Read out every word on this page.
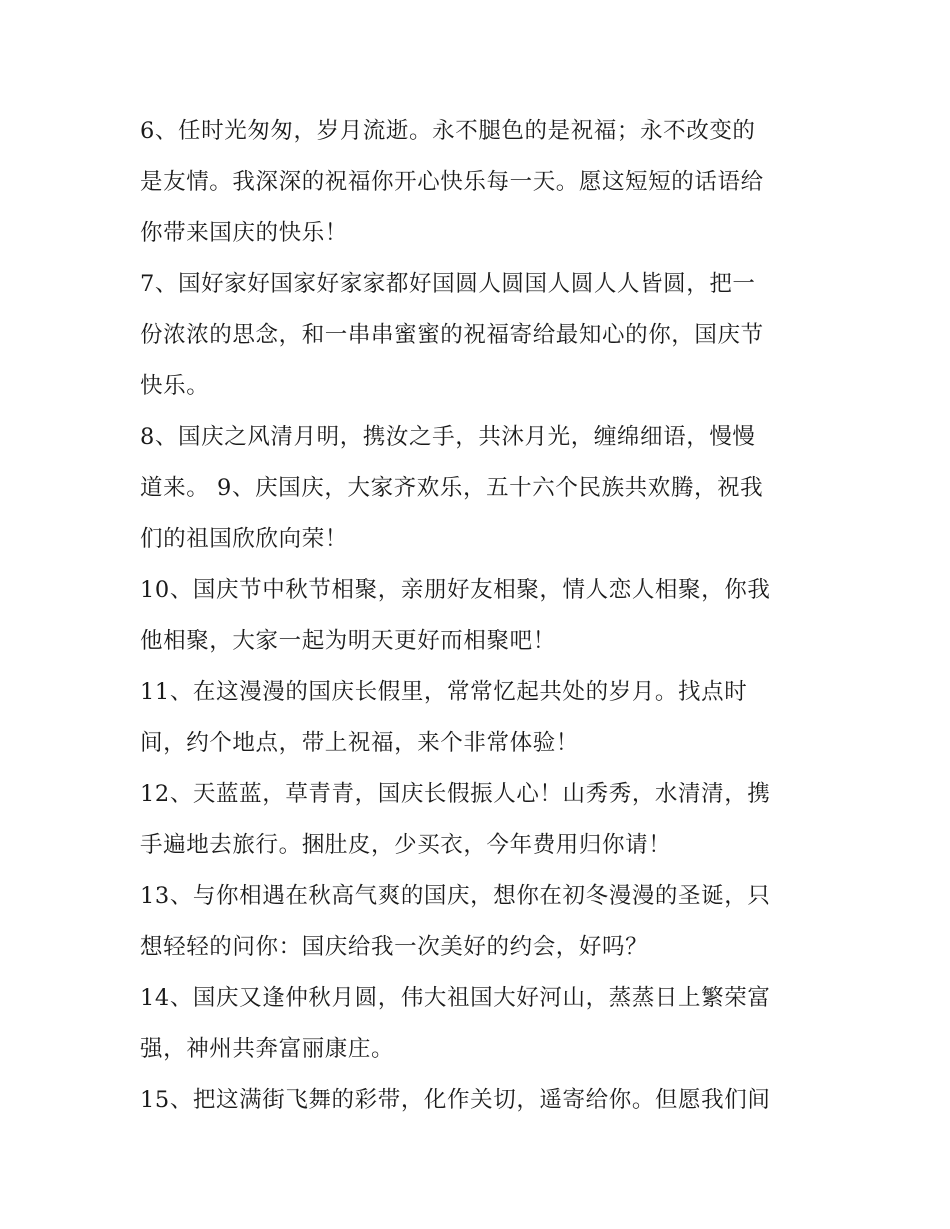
6、任时光匆匆，岁月流逝。永不腿色的是祝福；永不改变的
是友情。我深深的祝福你开心快乐每一天。愿这短短的话语给
你带来国庆的快乐！
7、国好家好国家好家家都好国圆人圆国人圆人人皆圆，把一
份浓浓的思念，和一串串蜜蜜的祝福寄给最知心的你，国庆节
快乐。
8、国庆之风清月明，携汝之手，共沐月光，缠绵细语，慢慢
道来。 9、庆国庆，大家齐欢乐，五十六个民族共欢腾，祝我
们的祖国欣欣向荣！
10、国庆节中秋节相聚，亲朋好友相聚，情人恋人相聚，你我
他相聚，大家一起为明天更好而相聚吧！
11、在这漫漫的国庆长假里，常常忆起共处的岁月。找点时
间，约个地点，带上祝福，来个非常体验！
12、天蓝蓝，草青青，国庆长假振人心！山秀秀，水清清，携
手遍地去旅行。捆肚皮，少买衣，今年费用归你请！
13、与你相遇在秋高气爽的国庆，想你在初冬漫漫的圣诞，只
想轻轻的问你：国庆给我一次美好的约会，好吗？
14、国庆又逢仲秋月圆，伟大祖国大好河山，蒸蒸日上繁荣富
强，神州共奔富丽康庄。
15、把这满街飞舞的彩带，化作关切，遥寄给你。但愿我们间
